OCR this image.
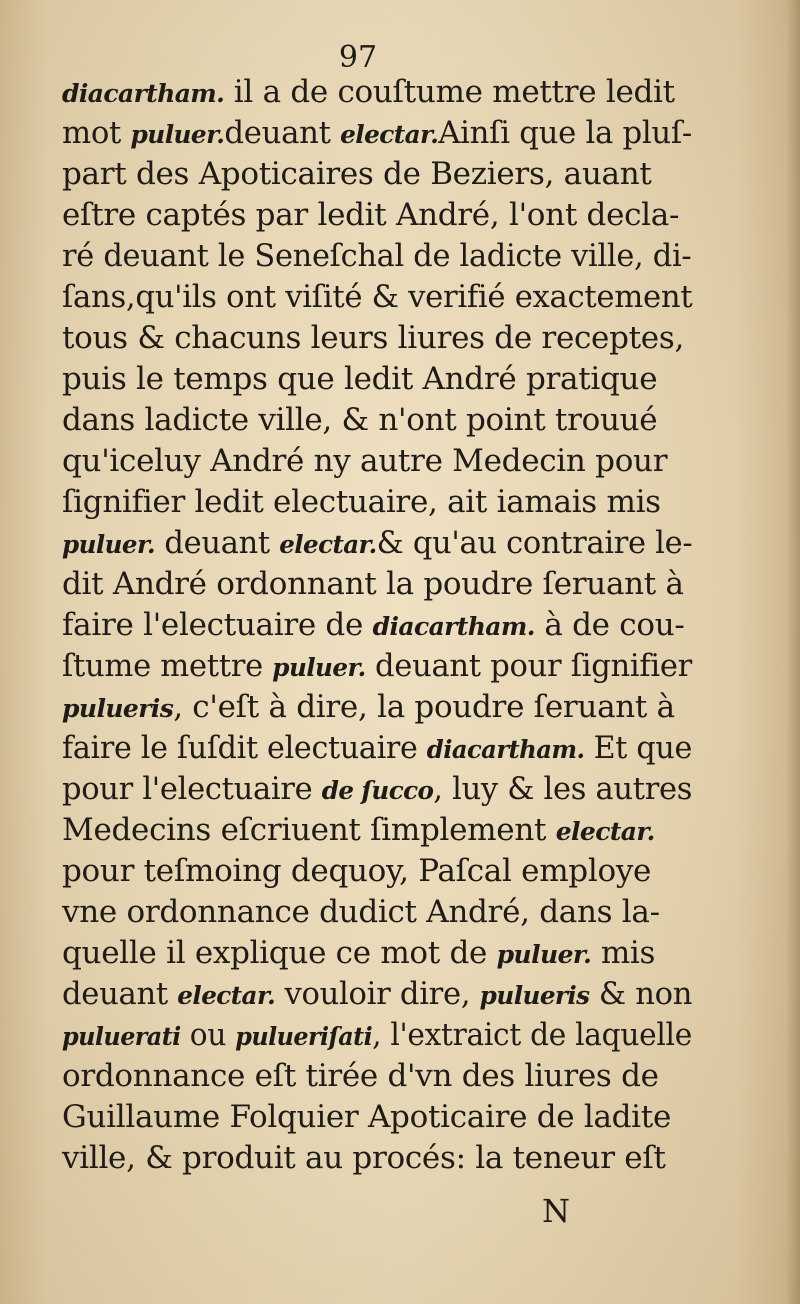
97
diacartham. il a de couſtume mettre ledit
mot puluer.deuant electar.Ainſi que la pluſ-
part des Apoticaires de Beziers, auant
eſtre captés par ledit André, l'ont decla-
ré deuant le Seneſchal de ladicte ville, di-
ſans,qu'ils ont viſité & verifié exactement
tous & chacuns leurs liures de receptes,
puis le temps que ledit André pratique
dans ladicte ville, & n'ont point trouué
qu'iceluy André ny autre Medecin pour
ſignifier ledit electuaire, ait iamais mis
puluer. deuant electar.& qu'au contraire le-
dit André ordonnant la poudre ſeruant à
faire l'electuaire de diacartham. à de cou-
ſtume mettre puluer. deuant pour ſignifier
pulueris, c'eſt à dire, la poudre ſeruant à
faire le ſuſdit electuaire diacartham. Et que
pour l'electuaire de ſucco, luy & les autres
Medecins eſcriuent ſimplement electar.
pour teſmoing dequoy, Paſcal employe
vne ordonnance dudict André, dans la-
quelle il explique ce mot de puluer. mis
deuant electar. vouloir dire, pulueris & non
pulueratі ou pulueriſati, l'extraict de laquelle
ordonnance eſt tirée d'vn des liures de
Guillaume Folquier Apoticaire de ladite
ville, & produit au procés: la teneur eſt
N
